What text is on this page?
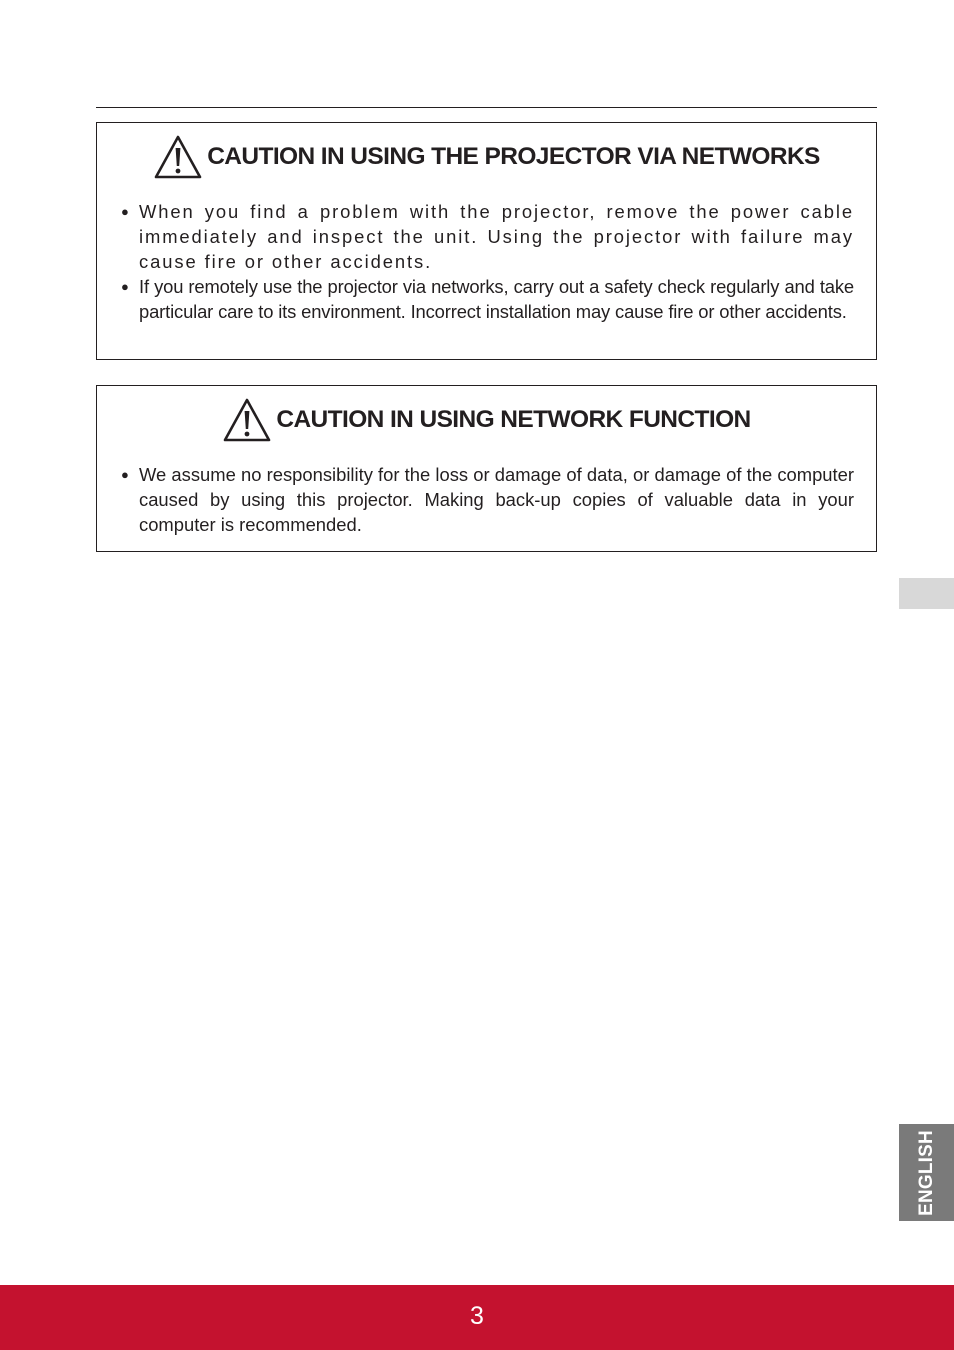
CAUTION IN USING THE PROJECTOR VIA NETWORKS
● When you find a problem with the projector, remove the power cable immediately and inspect the unit. Using the projector with failure may cause fire or other accidents.
● If you remotely use the projector via networks, carry out a safety check regularly and take particular care to its environment. Incorrect installation may cause fire or other accidents.
CAUTION IN USING NETWORK FUNCTION
● We assume no responsibility for the loss or damage of data, or damage of the computer caused by using this projector. Making back-up copies of valuable data in your computer is recommended.
ENGLISH
3
